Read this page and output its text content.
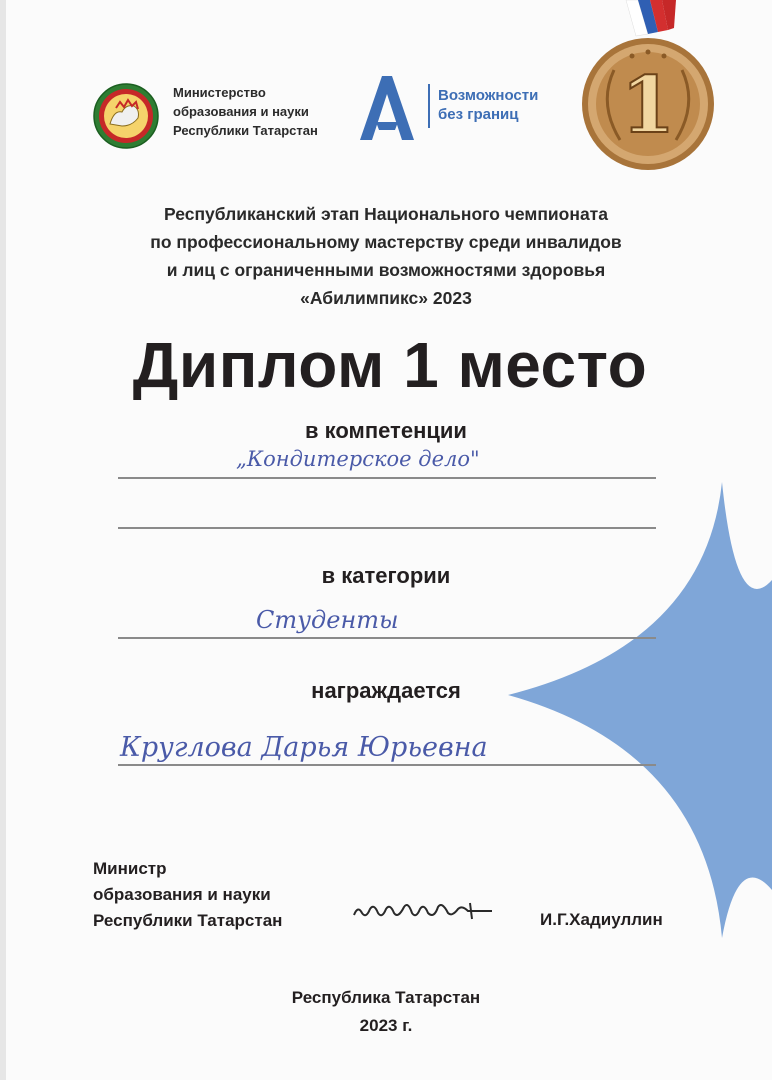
Министерство
образования и науки
Республики Татарстан
Возможности
без границ 1
Республиканский этап Национального чемпионата
по профессиональному мастерству среди инвалидов
и лиц с ограниченными возможностями здоровья
«Абилимпикс» 2023
Диплом 1 место
в компетенции
„Кондитерское дело"
в категории
Студенты
награждается
Круглова Дарья Юрьевна
Министр
образования и науки
Республики Татарстан	И.Г.Хадиуллин
Республика Татарстан
2023 г.
